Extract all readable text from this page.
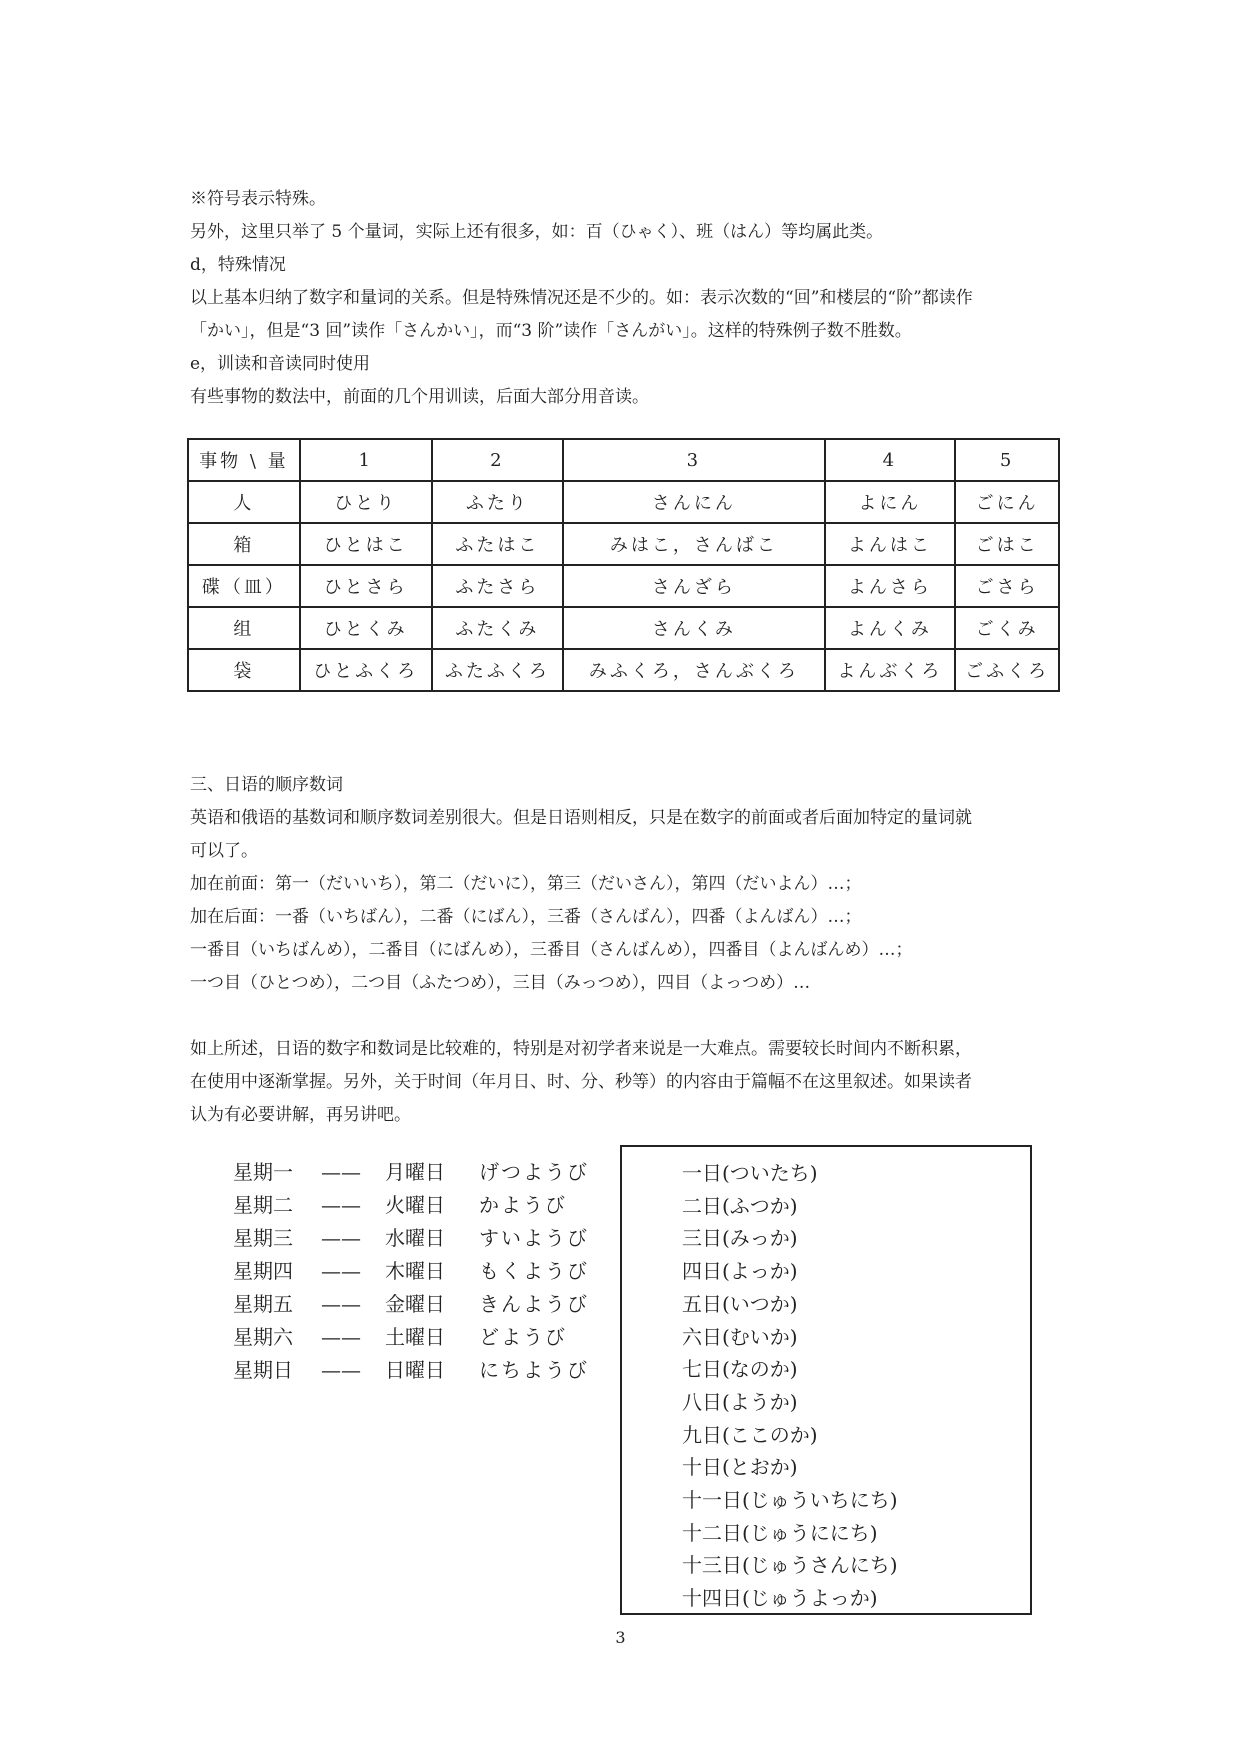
※符号表示特殊。
另外，这里只举了 5 个量词，实际上还有很多，如：百（ひゃく）、班（はん）等均属此类。
d，特殊情况
以上基本归纳了数字和量词的关系。但是特殊情况还是不少的。如：表示次数的“回”和楼层的“阶”都读作
「かい」，但是“3 回”读作「さんかい」，而“3 阶”读作「さんがい」。这样的特殊例子数不胜数。
e，训读和音读同时使用
有些事物的数法中，前面的几个用训读，后面大部分用音读。
事物 \ 量	1	2	3	4	5
人	ひとり	ふたり	さんにん	よにん	ごにん
箱	ひとはこ	ふたはこ	みはこ，さんばこ	よんはこ	ごはこ
碟（皿）	ひとさら	ふたさら	さんざら	よんさら	ごさら
组	ひとくみ	ふたくみ	さんくみ	よんくみ	ごくみ
袋	ひとふくろ	ふたふくろ	みふくろ，さんぶくろ	よんぶくろ	ごふくろ
三、日语的顺序数词
英语和俄语的基数词和顺序数词差别很大。但是日语则相反，只是在数字的前面或者后面加特定的量词就
可以了。
加在前面：第一（だいいち），第二（だいに），第三（だいさん），第四（だいよん）…；
加在后面：一番（いちばん），二番（にばん），三番（さんばん），四番（よんばん）…；
一番目（いちばんめ），二番目（にばんめ），三番目（さんばんめ），四番目（よんばんめ）…；
一つ目（ひとつめ），二つ目（ふたつめ），三目（みっつめ），四目（よっつめ）…
如上所述，日语的数字和数词是比较难的，特别是对初学者来说是一大难点。需要较长时间内不断积累，
在使用中逐渐掌握。另外，关于时间（年月日、时、分、秒等）的内容由于篇幅不在这里叙述。如果读者
认为有必要讲解，再另讲吧。
星期一	——	月曜日	げつようび
星期二	——	火曜日	かようび
星期三	——	水曜日	すいようび
星期四	——	木曜日	もくようび
星期五	——	金曜日	きんようび
星期六	——	土曜日	どようび
星期日	——	日曜日	にちようび
一日(ついたち)
二日(ふつか)
三日(みっか)
四日(よっか)
五日(いつか)
六日(むいか)
七日(なのか)
八日(ようか)
九日(ここのか)
十日(とおか)
十一日(じゅういちにち)
十二日(じゅうににち)
十三日(じゅうさんにち)
十四日(じゅうよっか)
3
